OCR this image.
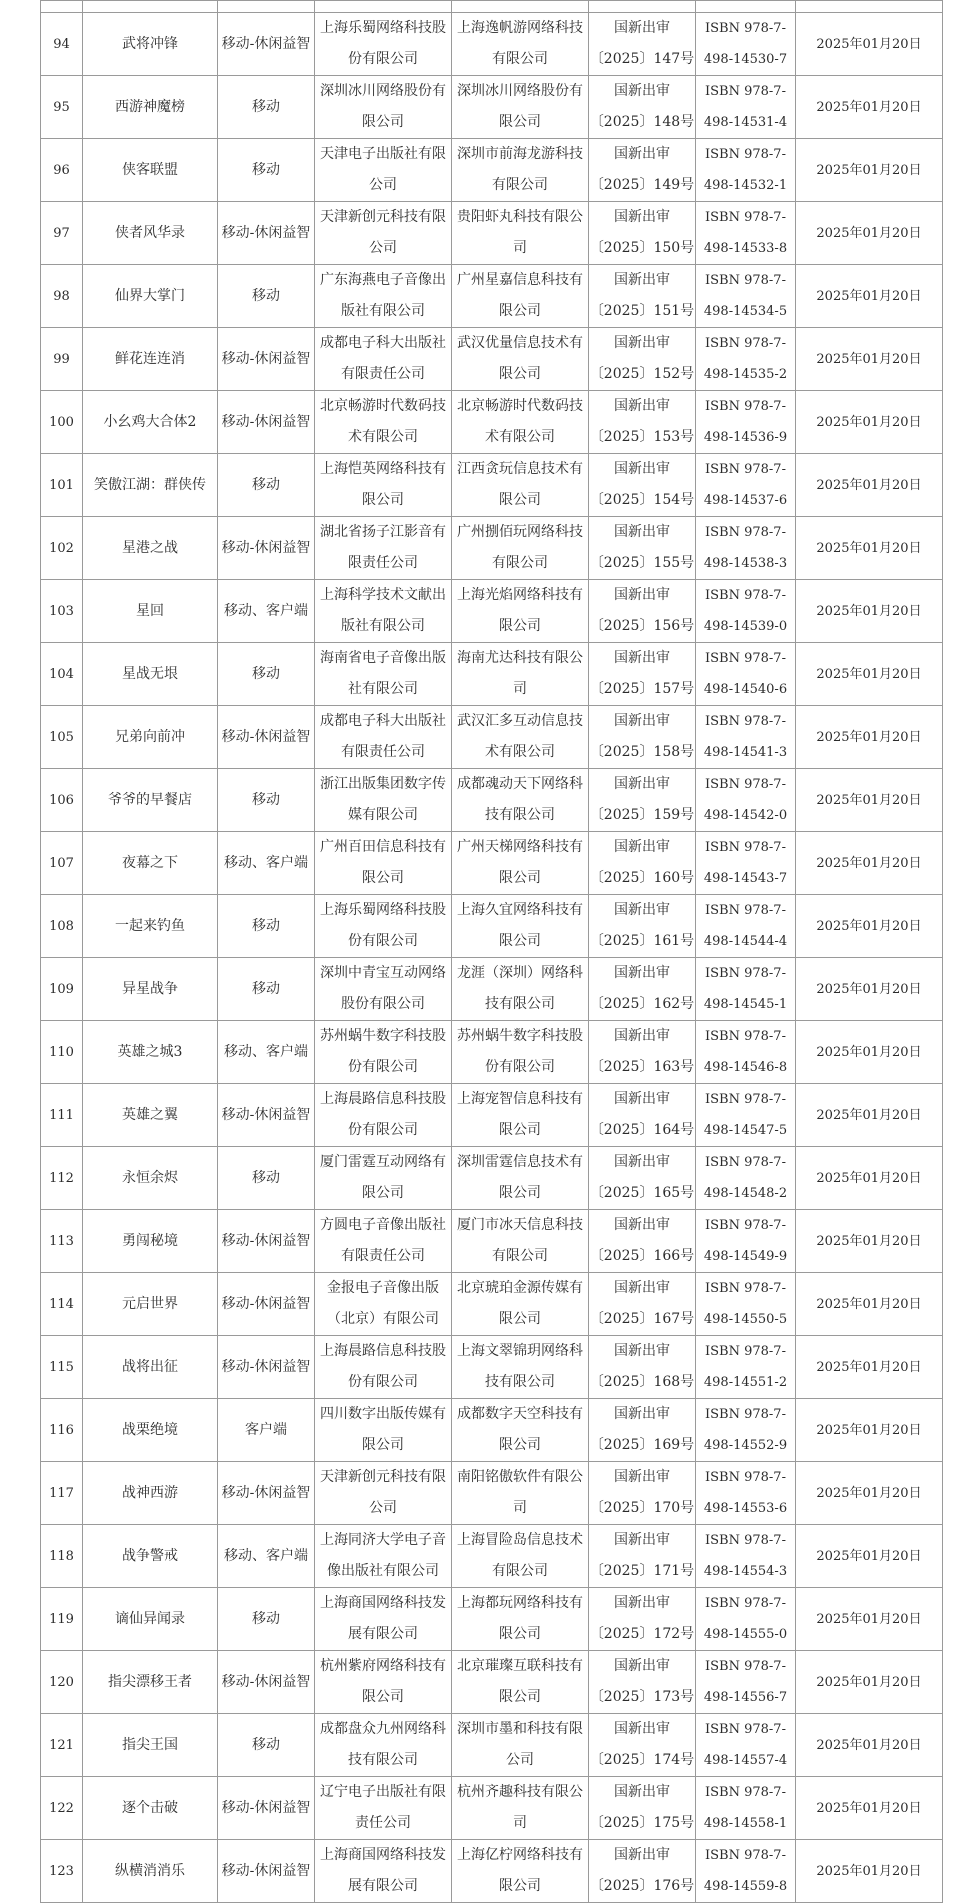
94	武将冲锋	移动-休闲益智	上海乐蜀网络科技股
份有限公司	上海逸帆游网络科技
有限公司	国新出审
〔2025〕147号	ISBN 978-7-
498-14530-7	2025年01月20日
95	西游神魔榜	移动	深圳冰川网络股份有
限公司	深圳冰川网络股份有
限公司	国新出审
〔2025〕148号	ISBN 978-7-
498-14531-4	2025年01月20日
96	侠客联盟	移动	天津电子出版社有限
公司	深圳市前海龙游科技
有限公司	国新出审
〔2025〕149号	ISBN 978-7-
498-14532-1	2025年01月20日
97	侠者风华录	移动-休闲益智	天津新创元科技有限
公司	贵阳虾丸科技有限公
司	国新出审
〔2025〕150号	ISBN 978-7-
498-14533-8	2025年01月20日
98	仙界大掌门	移动	广东海燕电子音像出
版社有限公司	广州星嘉信息科技有
限公司	国新出审
〔2025〕151号	ISBN 978-7-
498-14534-5	2025年01月20日
99	鲜花连连消	移动-休闲益智	成都电子科大出版社
有限责任公司	武汉优量信息技术有
限公司	国新出审
〔2025〕152号	ISBN 978-7-
498-14535-2	2025年01月20日
100	小幺鸡大合体2	移动-休闲益智	北京畅游时代数码技
术有限公司	北京畅游时代数码技
术有限公司	国新出审
〔2025〕153号	ISBN 978-7-
498-14536-9	2025年01月20日
101	笑傲江湖：群侠传	移动	上海恺英网络科技有
限公司	江西贪玩信息技术有
限公司	国新出审
〔2025〕154号	ISBN 978-7-
498-14537-6	2025年01月20日
102	星港之战	移动-休闲益智	湖北省扬子江影音有
限责任公司	广州捌佰玩网络科技
有限公司	国新出审
〔2025〕155号	ISBN 978-7-
498-14538-3	2025年01月20日
103	星回	移动、客户端	上海科学技术文献出
版社有限公司	上海光焰网络科技有
限公司	国新出审
〔2025〕156号	ISBN 978-7-
498-14539-0	2025年01月20日
104	星战无垠	移动	海南省电子音像出版
社有限公司	海南尤达科技有限公
司	国新出审
〔2025〕157号	ISBN 978-7-
498-14540-6	2025年01月20日
105	兄弟向前冲	移动-休闲益智	成都电子科大出版社
有限责任公司	武汉汇多互动信息技
术有限公司	国新出审
〔2025〕158号	ISBN 978-7-
498-14541-3	2025年01月20日
106	爷爷的早餐店	移动	浙江出版集团数字传
媒有限公司	成都魂动天下网络科
技有限公司	国新出审
〔2025〕159号	ISBN 978-7-
498-14542-0	2025年01月20日
107	夜幕之下	移动、客户端	广州百田信息科技有
限公司	广州天梯网络科技有
限公司	国新出审
〔2025〕160号	ISBN 978-7-
498-14543-7	2025年01月20日
108	一起来钓鱼	移动	上海乐蜀网络科技股
份有限公司	上海久宜网络科技有
限公司	国新出审
〔2025〕161号	ISBN 978-7-
498-14544-4	2025年01月20日
109	异星战争	移动	深圳中青宝互动网络
股份有限公司	龙涯（深圳）网络科
技有限公司	国新出审
〔2025〕162号	ISBN 978-7-
498-14545-1	2025年01月20日
110	英雄之城3	移动、客户端	苏州蜗牛数字科技股
份有限公司	苏州蜗牛数字科技股
份有限公司	国新出审
〔2025〕163号	ISBN 978-7-
498-14546-8	2025年01月20日
111	英雄之翼	移动-休闲益智	上海晨路信息科技股
份有限公司	上海宠智信息科技有
限公司	国新出审
〔2025〕164号	ISBN 978-7-
498-14547-5	2025年01月20日
112	永恒余烬	移动	厦门雷霆互动网络有
限公司	深圳雷霆信息技术有
限公司	国新出审
〔2025〕165号	ISBN 978-7-
498-14548-2	2025年01月20日
113	勇闯秘境	移动-休闲益智	方圆电子音像出版社
有限责任公司	厦门市冰天信息科技
有限公司	国新出审
〔2025〕166号	ISBN 978-7-
498-14549-9	2025年01月20日
114	元启世界	移动-休闲益智	金报电子音像出版
（北京）有限公司	北京琥珀金源传媒有
限公司	国新出审
〔2025〕167号	ISBN 978-7-
498-14550-5	2025年01月20日
115	战将出征	移动-休闲益智	上海晨路信息科技股
份有限公司	上海文翠锦玥网络科
技有限公司	国新出审
〔2025〕168号	ISBN 978-7-
498-14551-2	2025年01月20日
116	战栗绝境	客户端	四川数字出版传媒有
限公司	成都数字天空科技有
限公司	国新出审
〔2025〕169号	ISBN 978-7-
498-14552-9	2025年01月20日
117	战神西游	移动-休闲益智	天津新创元科技有限
公司	南阳铭傲软件有限公
司	国新出审
〔2025〕170号	ISBN 978-7-
498-14553-6	2025年01月20日
118	战争警戒	移动、客户端	上海同济大学电子音
像出版社有限公司	上海冒险岛信息技术
有限公司	国新出审
〔2025〕171号	ISBN 978-7-
498-14554-3	2025年01月20日
119	谪仙异闻录	移动	上海商国网络科技发
展有限公司	上海都玩网络科技有
限公司	国新出审
〔2025〕172号	ISBN 978-7-
498-14555-0	2025年01月20日
120	指尖漂移王者	移动-休闲益智	杭州紫府网络科技有
限公司	北京璀璨互联科技有
限公司	国新出审
〔2025〕173号	ISBN 978-7-
498-14556-7	2025年01月20日
121	指尖王国	移动	成都盘众九州网络科
技有限公司	深圳市墨和科技有限
公司	国新出审
〔2025〕174号	ISBN 978-7-
498-14557-4	2025年01月20日
122	逐个击破	移动-休闲益智	辽宁电子出版社有限
责任公司	杭州齐趣科技有限公
司	国新出审
〔2025〕175号	ISBN 978-7-
498-14558-1	2025年01月20日
123	纵横消消乐	移动-休闲益智	上海商国网络科技发
展有限公司	上海亿柠网络科技有
限公司	国新出审
〔2025〕176号	ISBN 978-7-
498-14559-8	2025年01月20日
